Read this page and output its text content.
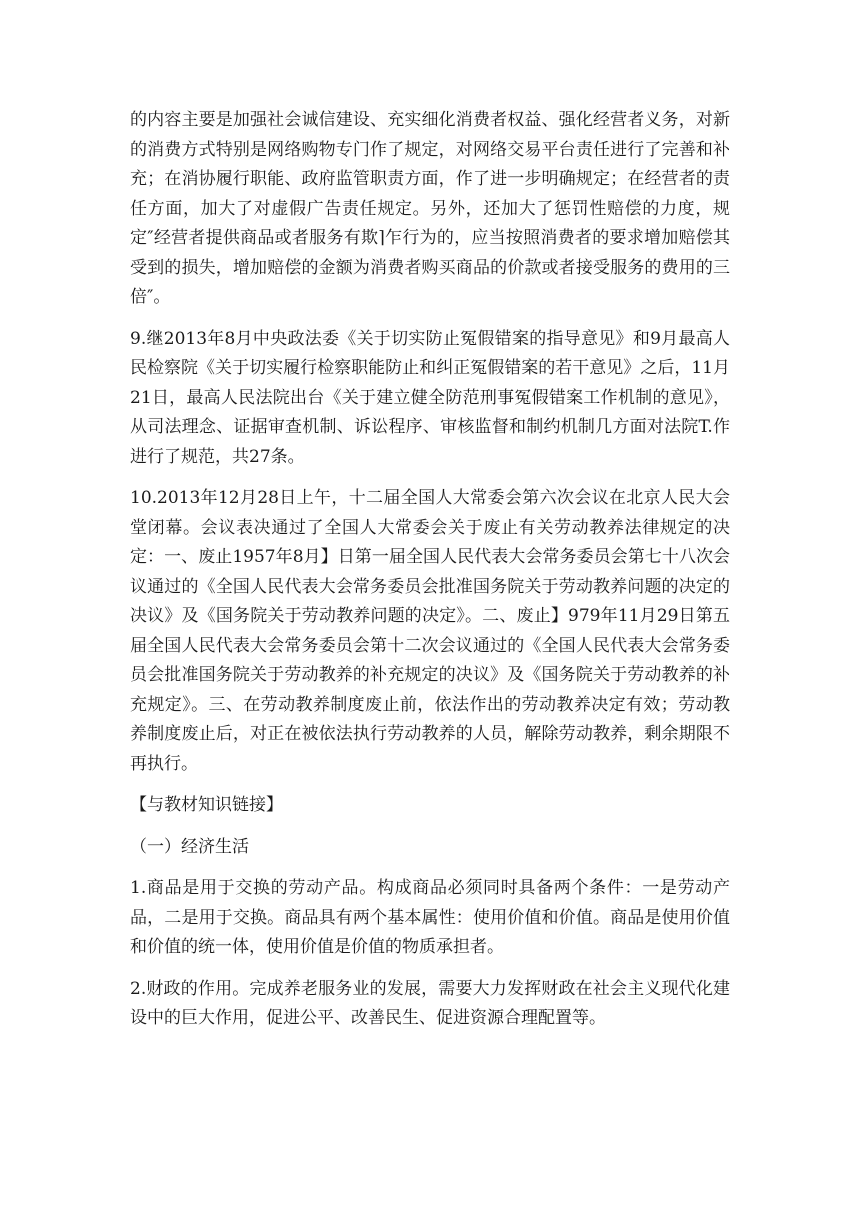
的内容主要是加强社会诚信建设、充实细化消费者权益、强化经营者义务，对新的消费方式特别是网络购物专门作了规定，对网络交易平台责任进行了完善和补充；在消协履行职能、政府监管职责方面，作了进一步明确规定；在经营者的责任方面，加大了对虚假广告责任规定。另外，还加大了惩罚性赔偿的力度，规定″经营者提供商品或者服务有欺⌉乍行为的，应当按照消费者的要求增加赔偿其受到的损失，增加赔偿的金额为消费者购买商品的价款或者接受服务的费用的三倍″。

9.继2013年8月中央政法委《关于切实防止冤假错案的指导意见》和9月最高人民检察院《关于切实履行检察职能防止和纠正冤假错案的若干意见》之后，11月21日，最高人民法院出台《关于建立健全防范刑事冤假错案工作机制的意见》，从司法理念、证据审查机制、诉讼程序、审核监督和制约机制几方面对法院T.作进行了规范，共27条。

10.2013年12月28日上午，十二届全国人大常委会第六次会议在北京人民大会堂闭幕。会议表决通过了全国人大常委会关于废止有关劳动教养法律规定的决定：一、废止1957年8月】日第一届全国人民代表大会常务委员会第七十八次会议通过的《全国人民代表大会常务委员会批准国务院关于劳动教养问题的决定的决议》及《国务院关于劳动教养问题的决定》。二、废止】979年11月29日第五届全国人民代表大会常务委员会第十二次会议通过的《全国人民代表大会常务委员会批准国务院关于劳动教养的补充规定的决议》及《国务院关于劳动教养的补充规定》。三、在劳动教养制度废止前，依法作出的劳动教养决定有效；劳动教养制度废止后，对正在被依法执行劳动教养的人员，解除劳动教养，剩余期限不再执行。

【与教材知识链接】

（一）经济生活

1.商品是用于交换的劳动产品。构成商品必须同时具备两个条件：一是劳动产品，二是用于交换。商品具有两个基本属性：使用价值和价值。商品是使用价值和价值的统一体，使用价值是价值的物质承担者。

2.财政的作用。完成养老服务业的发展，需要大力发挥财政在社会主义现代化建设中的巨大作用，促进公平、改善民生、促进资源合理配置等。
